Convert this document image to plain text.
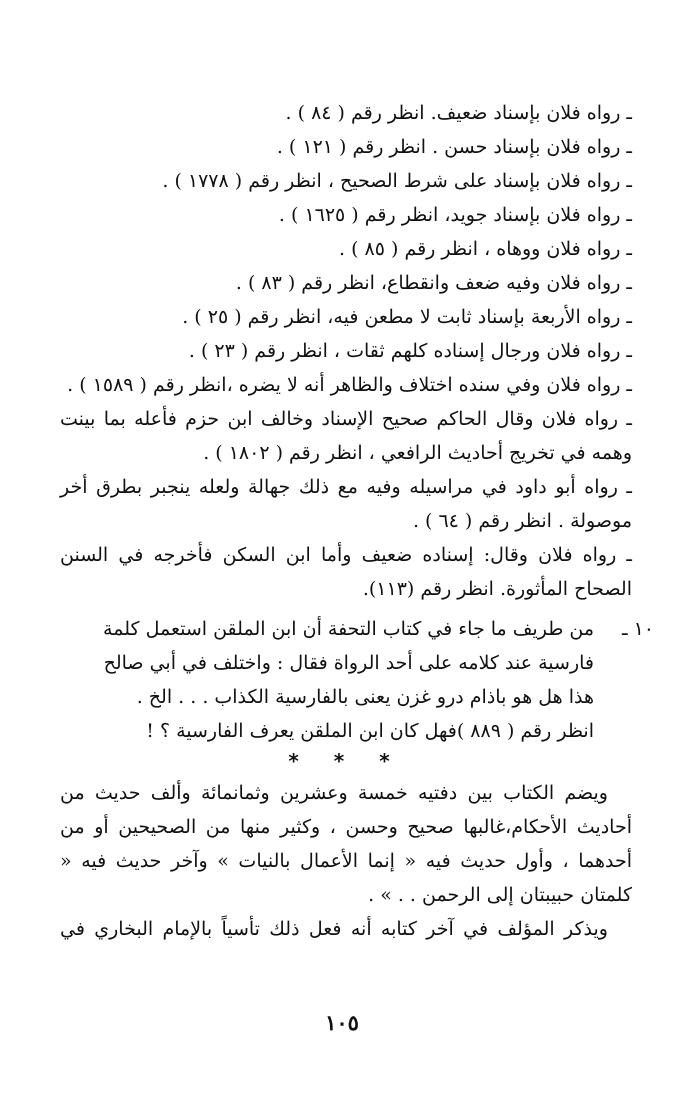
ـ رواه فلان بإسناد ضعيف. انظر رقم ( ٨٤ ) .
ـ رواه فلان بإسناد حسن . انظر رقم ( ١٢١ ) .
ـ رواه فلان بإسناد على شرط الصحيح ، انظر رقم ( ١٧٧٨ ) .
ـ رواه فلان بإسناد جويد، انظر رقم ( ١٦٢٥ ) .
ـ رواه فلان ووهاه ، انظر رقم ( ٨٥ ) .
ـ رواه فلان وفيه ضعف وانقطاع، انظر رقم ( ٨٣ ) .
ـ رواه الأربعة بإسناد ثابت لا مطعن فيه، انظر رقم ( ٢٥ ) .
ـ رواه فلان ورجال إسناده كلهم ثقات ، انظر رقم ( ٢٣ ) .
ـ رواه فلان وفي سنده اختلاف والظاهر أنه لا يضره ،انظر رقم ( ١٥٨٩ ) .
ـ رواه فلان وقال الحاكم صحيح الإسناد وخالف ابن حزم فأعله بما بينت وهمه في تخريج أحاديث الرافعي ، انظر رقم ( ١٨٠٢ ) .
ـ رواه أبو داود في مراسيله وفيه مع ذلك جهالة ولعله ينجبر بطرق أخر موصولة . انظر رقم ( ٦٤ ) .
ـ رواه فلان وقال: إسناده ضعيف وأما ابن السكن فأخرجه في السنن الصحاح المأثورة. انظر رقم (١١٣).
١٠ ـ
من طريف ما جاء في كتاب التحفة أن ابن الملقن استعمل كلمة
فارسية عند كلامه على أحد الرواة فقال : واختلف في أبي صالح
هذا هل هو باذام درو غزن يعنى بالفارسية الكذاب . . . الخ .
انظر رقم ( ٨٨٩ )فهل كان ابن الملقن يعرف الفارسية ؟ !
* * *

ويضم الكتاب بين دفتيه خمسة وعشرين وثمانمائة وألف حديث من أحاديث الأحكام،غالبها صحيح وحسن ، وكثير منها من الصحيحين أو من أحدهما ، وأول حديث فيه « إنما الأعمال بالنيات » وآخر حديث فيه « كلمتان حبيبتان إلى الرحمن . . » .

ويذكر المؤلف في آخر كتابه أنه فعل ذلك تأسياً بالإمام البخاري في

١٠٥
